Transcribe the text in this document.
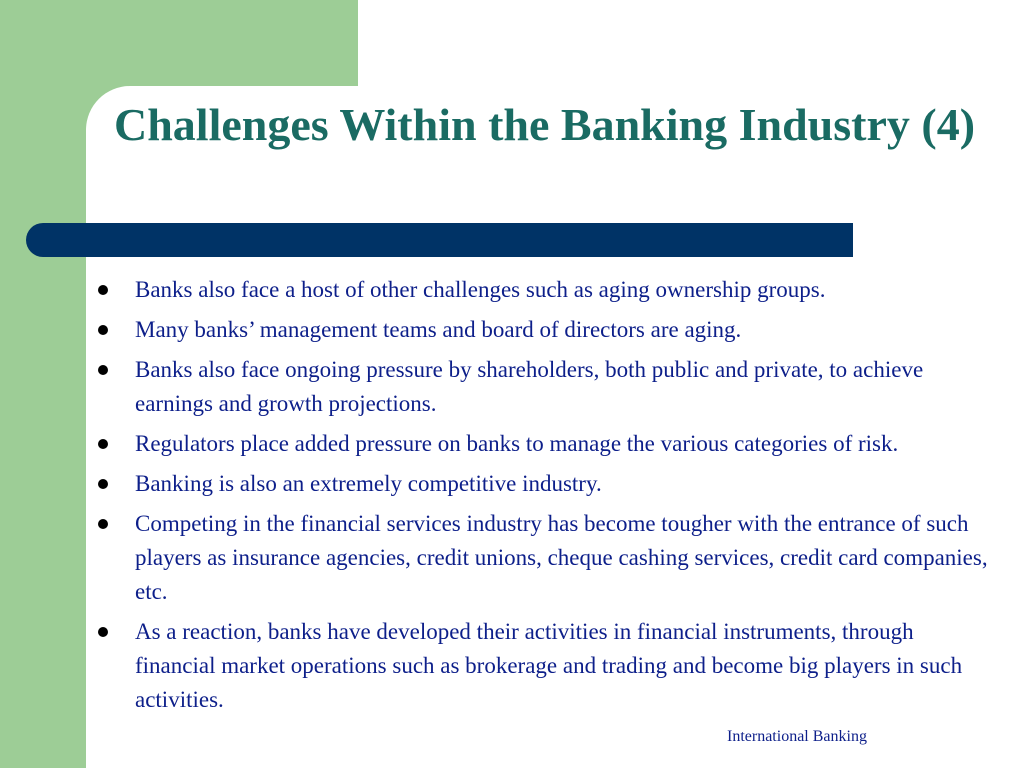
Challenges Within the Banking Industry (4)
Banks also face a host of other challenges such as aging ownership groups.
Many banks’ management teams and board of directors are aging.
Banks also face ongoing pressure by shareholders, both public and private, to achieve earnings and growth projections.
Regulators place added pressure on banks to manage the various categories of risk.
Banking is also an extremely competitive industry.
Competing in the financial services industry has become tougher with the entrance of such players as insurance agencies, credit unions, cheque cashing services, credit card companies, etc.
As a reaction, banks have developed their activities in financial instruments, through financial market operations such as brokerage and trading and become big players in such activities.
International Banking
